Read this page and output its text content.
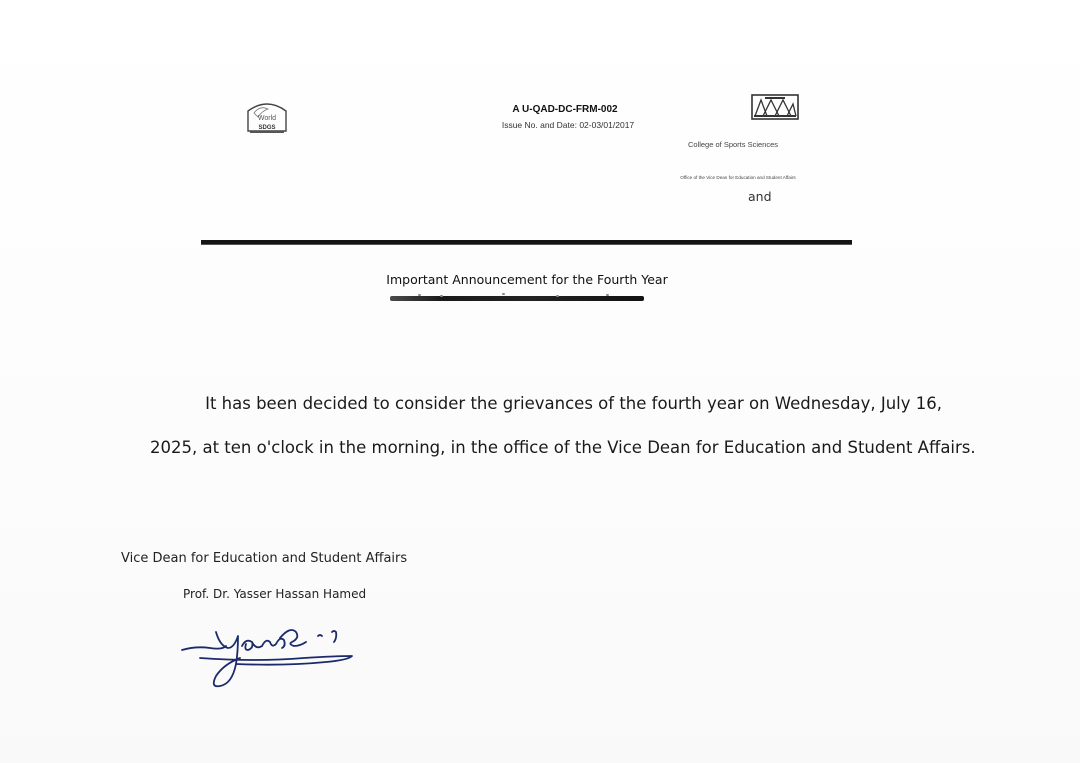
World
SDGS
A U-QAD-DC-FRM-002
Issue No. and Date: 02-03/01/2017
College of Sports Sciences
Office of the Vice Dean for Education and Student Affairs
and
Important Announcement for the Fourth Year
It has been decided to consider the grievances of the fourth year on Wednesday, July 16,
2025, at ten o'clock in the morning, in the office of the Vice Dean for Education and Student Affairs.
Vice Dean for Education and Student Affairs
Prof. Dr. Yasser Hassan Hamed
